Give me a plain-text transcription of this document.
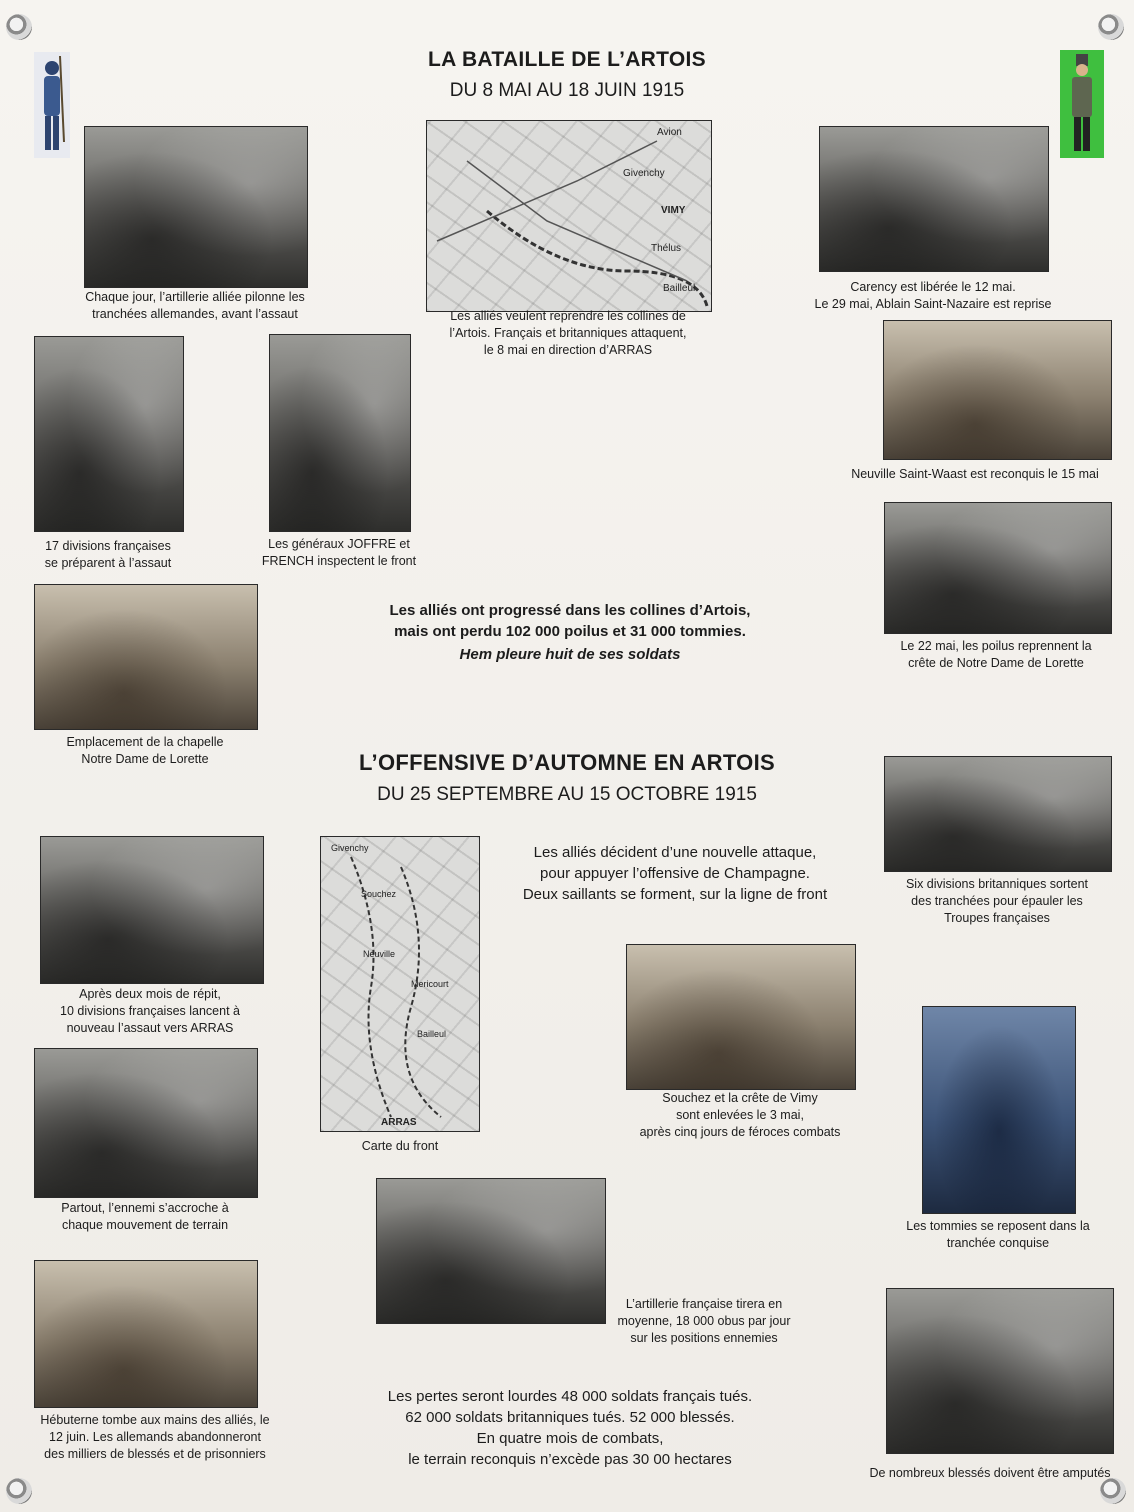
LA BATAILLE DE L’ARTOIS
DU 8 MAI AU 18 JUIN 1915
Chaque jour, l’artillerie alliée pilonne les
tranchées allemandes, avant l’assaut
Givenchy
VIMY
Thélus
Bailleul
Avion
Les alliés veulent reprendre les collines de
l’Artois. Français et britanniques attaquent,
le 8 mai en direction d’ARRAS
Carency est libérée le 12 mai.
Le 29 mai, Ablain Saint-Nazaire est reprise
17 divisions françaises
se préparent à l’assaut
Les généraux JOFFRE et
FRENCH inspectent le front
Neuville Saint-Waast est reconquis le 15 mai
Le 22 mai, les poilus reprennent la
crête de Notre Dame de Lorette
Emplacement de la chapelle
Notre Dame de Lorette
Les alliés ont progressé dans les collines d’Artois,
mais ont perdu 102 000 poilus et 31 000 tommies.
Hem pleure huit de ses soldats
L’OFFENSIVE D’AUTOMNE EN ARTOIS
DU 25 SEPTEMBRE AU 15 OCTOBRE 1915
Six divisions britanniques sortent
des tranchées pour épauler les
Troupes françaises
Après deux mois de répit,
10 divisions françaises lancent à
nouveau l’assaut vers ARRAS
Givenchy
Souchez
Neuville
Mericourt
Bailleul
ARRAS
Carte du front
Les alliés décident d’une nouvelle attaque,
pour appuyer l’offensive de Champagne.
Deux saillants se forment, sur la ligne de front
Souchez et la crête de Vimy
sont enlevées le 3 mai,
après cinq jours de féroces combats
Partout, l’ennemi s’accroche à
chaque mouvement de terrain	Les tommies se reposent dans la
tranchée conquise
L’artillerie française tirera en
moyenne, 18 000 obus par jour
sur les positions ennemies
Hébuterne tombe aux mains des alliés, le
12 juin. Les allemands abandonneront
des milliers de blessés et de prisonniers
De nombreux blessés doivent être amputés
Les pertes seront lourdes 48 000 soldats français tués.
62 000 soldats britanniques tués. 52 000 blessés.
En quatre mois de combats,
le terrain reconquis n’excède pas 30 00 hectares
